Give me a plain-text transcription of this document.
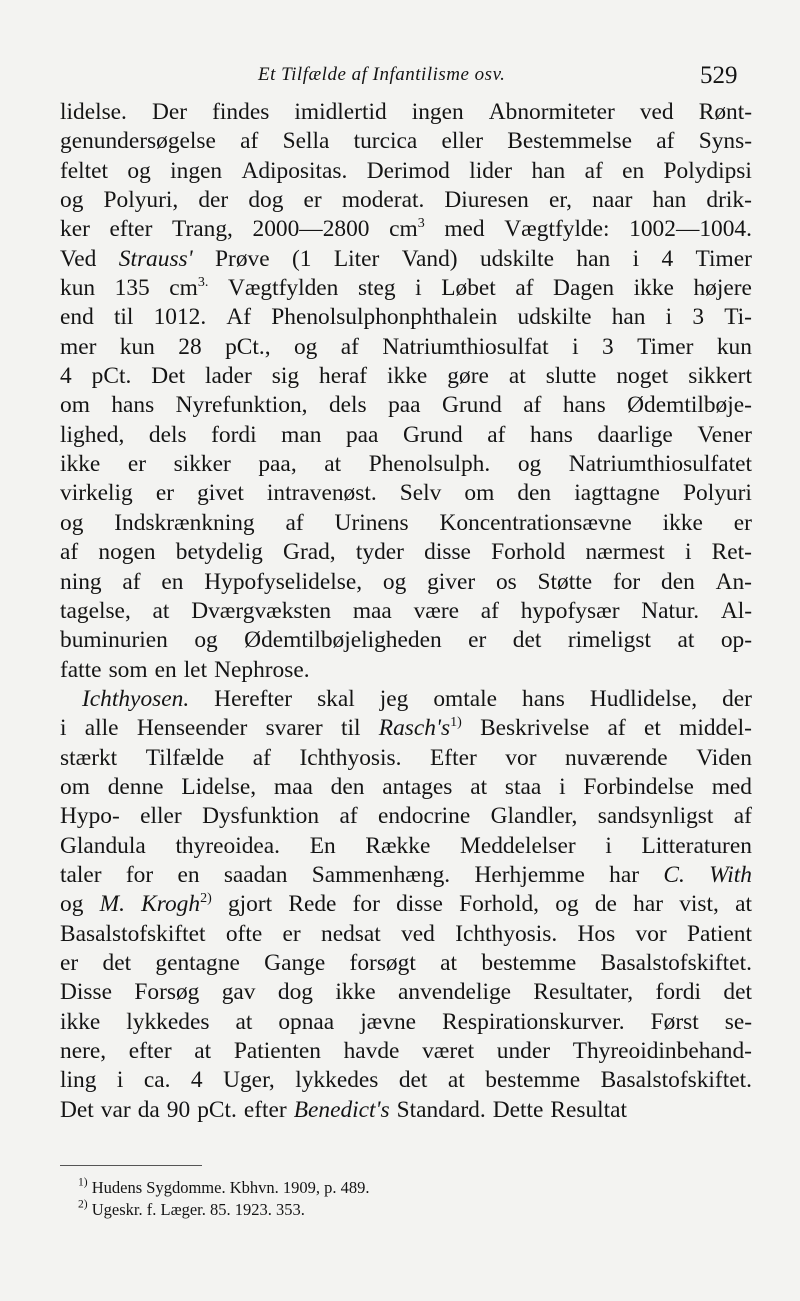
Et Tilfælde af Infantilisme osv.	529
lidelse. Der findes imidlertid ingen Abnormiteter ved Rønt-
genundersøgelse af Sella turcica eller Bestemmelse af Syns-
feltet og ingen Adipositas. Derimod lider han af en Polydipsi
og Polyuri, der dog er moderat. Diuresen er, naar han drik-
ker efter Trang, 2000—2800 $cm^3$ med Vægtfylde: 1002—1004.
Ved Strauss' Prøve (1 Liter Vand) udskilte han i 4 Timer
kun 135 $cm^{3.}$ Vægtfylden steg i Løbet af Dagen ikke højere
end til 1012. Af Phenolsulphonphthalein udskilte han i 3 Ti-
mer kun 28 pCt., og af Natriumthiosulfat i 3 Timer kun
4 pCt. Det lader sig heraf ikke gøre at slutte noget sikkert
om hans Nyrefunktion, dels paa Grund af hans Ødemtilbøje-
lighed, dels fordi man paa Grund af hans daarlige Vener
ikke er sikker paa, at Phenolsulph. og Natriumthiosulfatet
virkelig er givet intravenøst. Selv om den iagttagne Polyuri
og Indskrænkning af Urinens Koncentrationsævne ikke er
af nogen betydelig Grad, tyder disse Forhold nærmest i Ret-
ning af en Hypofyselidelse, og giver os Støtte for den An-
tagelse, at Dværgvæksten maa være af hypofysær Natur. Al-
buminurien og Ødemtilbøjeligheden er det rimeligst at op-
fatte som en let Nephrose.
Ichthyosen. Herefter skal jeg omtale hans Hudlidelse, der
i alle Henseender svarer til $Rasch's^{1)}$ Beskrivelse af et middel-
stærkt Tilfælde af Ichthyosis. Efter vor nuværende Viden
om denne Lidelse, maa den antages at staa i Forbindelse med
Hypo- eller Dysfunktion af endocrine Glandler, sandsynligst af
Glandula thyreoidea. En Række Meddelelser i Litteraturen
taler for en saadan Sammenhæng. Herhjemme har C. With
og M. Krogh$^{2)}$ gjort Rede for disse Forhold, og de har vist, at
Basalstofskiftet ofte er nedsat ved Ichthyosis. Hos vor Patient
er det gentagne Gange forsøgt at bestemme Basalstofskiftet.
Disse Forsøg gav dog ikke anvendelige Resultater, fordi det
ikke lykkedes at opnaa jævne Respirationskurver. Først se-
nere, efter at Patienten havde været under Thyreoidinbehand-
ling i ca. 4 Uger, lykkedes det at bestemme Basalstofskiftet.
Det var da 90 pCt. efter Benedict's Standard. Dette Resultat
$^{1)}$ Hudens Sygdomme. Kbhvn. 1909, p. 489.
$^{2)}$ Ugeskr. f. Læger. 85. 1923. 353.
